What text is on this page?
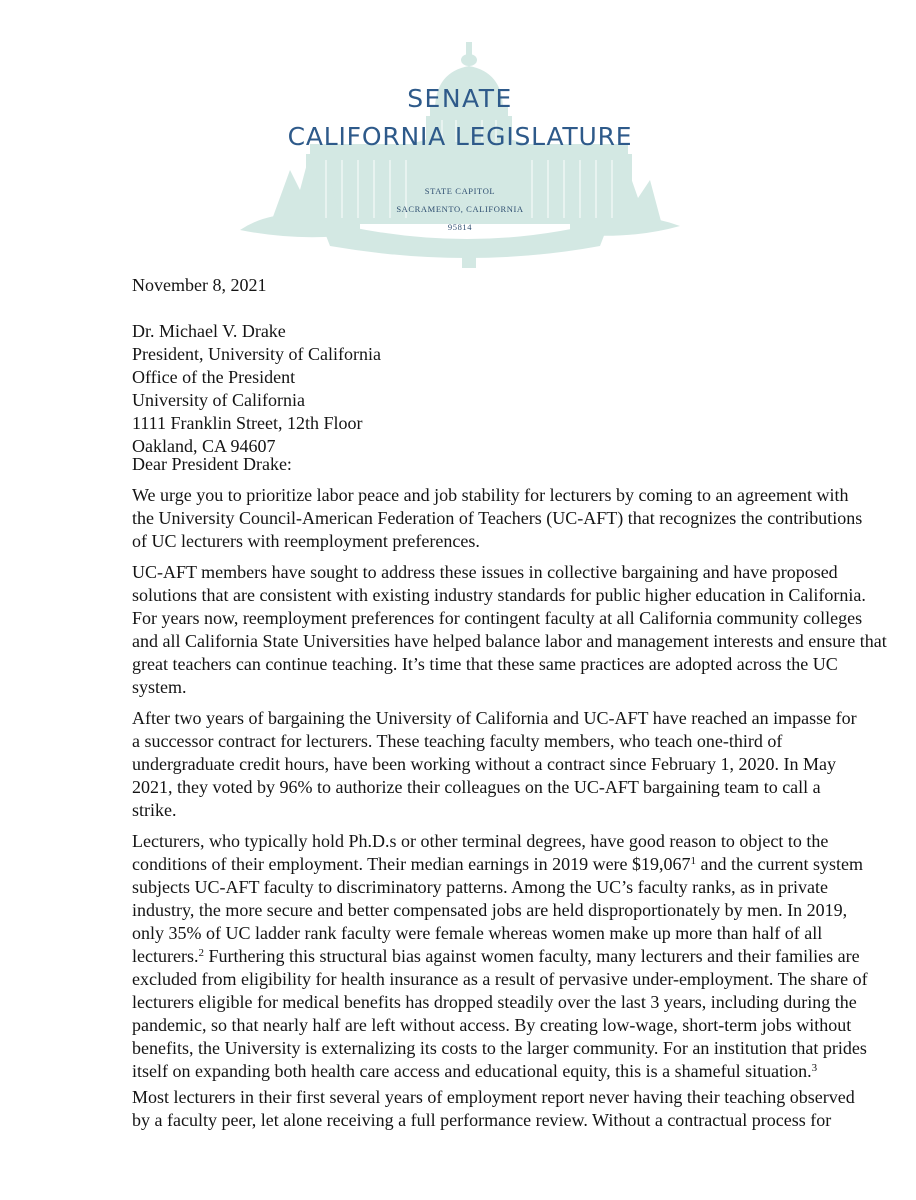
SENATE
CALIFORNIA LEGISLATURE
STATE CAPITOL
SACRAMENTO, CALIFORNIA
95814
November 8, 2021
Dr. Michael V. Drake
President, University of California
Office of the President
University of California
1111 Franklin Street, 12th Floor
Oakland, CA 94607
Dear President Drake:
We urge you to prioritize labor peace and job stability for lecturers by coming to an agreement with
the University Council-American Federation of Teachers (UC-AFT) that recognizes the contributions
of UC lecturers with reemployment preferences.
UC-AFT members have sought to address these issues in collective bargaining and have proposed
solutions that are consistent with existing industry standards for public higher education in California.
For years now, reemployment preferences for contingent faculty at all California community colleges
and all California State Universities have helped balance labor and management interests and ensure that
great teachers can continue teaching. It’s time that these same practices are adopted across the UC
system.
After two years of bargaining the University of California and UC-AFT have reached an impasse for
a successor contract for lecturers. These teaching faculty members, who teach one-third of
undergraduate credit hours, have been working without a contract since February 1, 2020. In May
2021, they voted by 96% to authorize their colleagues on the UC-AFT bargaining team to call a
strike.
Lecturers, who typically hold Ph.D.s or other terminal degrees, have good reason to object to the
conditions of their employment. Their median earnings in 2019 were $19,067$^1$ and the current system
subjects UC-AFT faculty to discriminatory patterns. Among the UC’s faculty ranks, as in private
industry, the more secure and better compensated jobs are held disproportionately by men. In 2019,
only 35% of UC ladder rank faculty were female whereas women make up more than half of all
lecturers.$^2$ Furthering this structural bias against women faculty, many lecturers and their families are
excluded from eligibility for health insurance as a result of pervasive under-employment. The share of
lecturers eligible for medical benefits has dropped steadily over the last 3 years, including during the
pandemic, so that nearly half are left without access. By creating low-wage, short-term jobs without
benefits, the University is externalizing its costs to the larger community. For an institution that prides
itself on expanding both health care access and educational equity, this is a shameful situation.$^3$
Most lecturers in their first several years of employment report never having their teaching observed
by a faculty peer, let alone receiving a full performance review. Without a contractual process for
